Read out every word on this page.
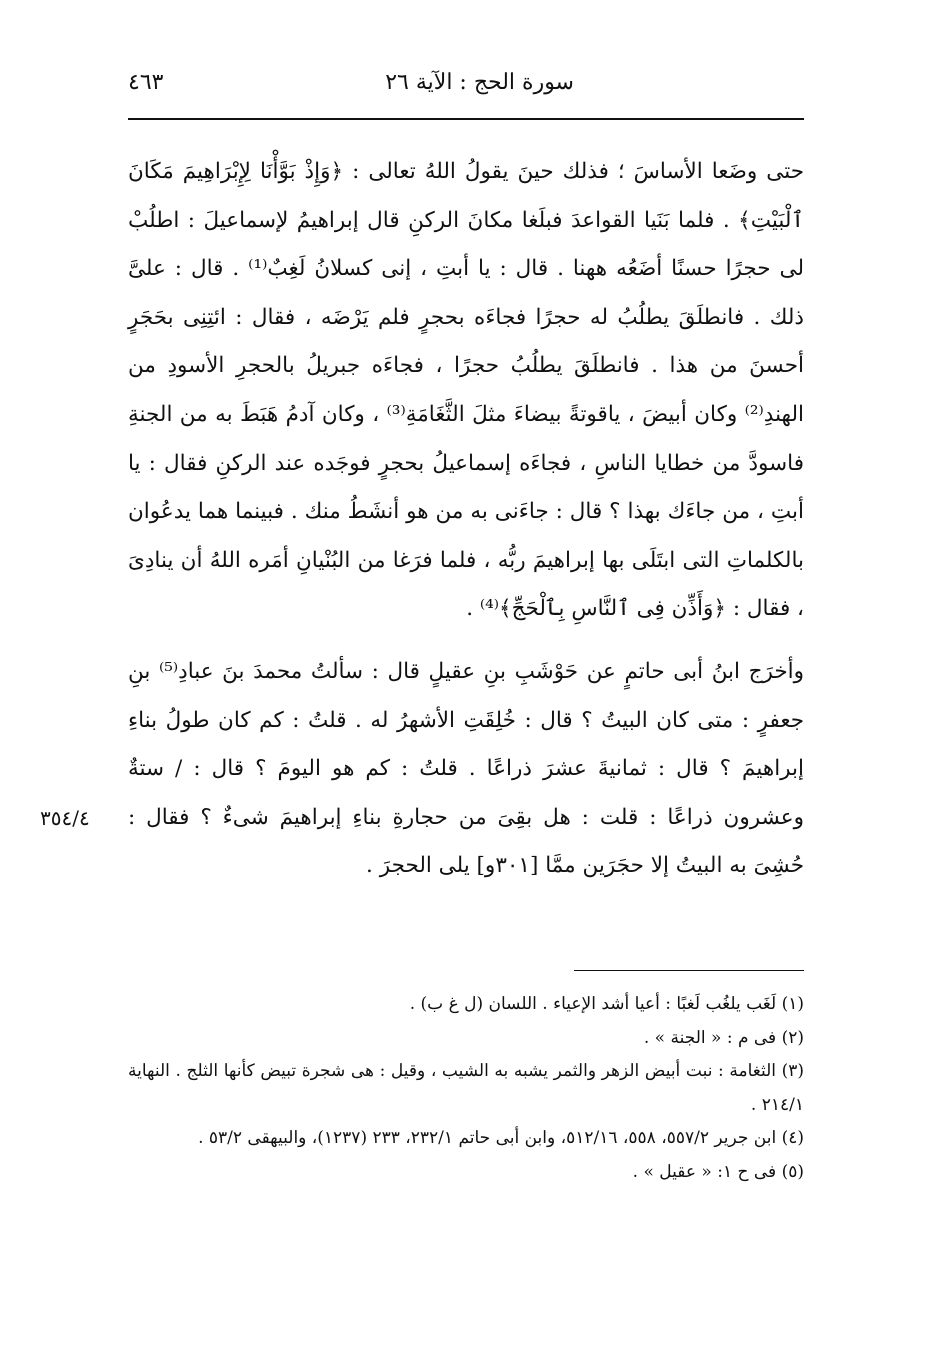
سورة الحج : الآية ٢٦
٤٦٣

حتى وضَعا الأساسَ ؛ فذلك حينَ يقولُ اللهُ تعالى : ﴿وَإِذْ بَوَّأْنَا لِإِبْرَاهِيمَ مَكَانَ ٱلْبَيْتِ﴾ . فلما بَنَيا القواعدَ فبلَغا مكانَ الركنِ قال إبراهيمُ لإسماعيلَ : اطلُبْ لى حجرًا حسنًا أضَعُه ههنا . قال : يا أبتِ ، إنى كسلانُ لَغِبٌ⁽¹⁾ . قال : علىَّ ذلك . فانطلَقَ يطلُبُ له حجرًا فجاءَه بحجرٍ فلم يَرْضَه ، فقال : ائتِنِى بحَجَرٍ أحسنَ من هذا . فانطلَقَ يطلُبُ حجرًا ، فجاءَه جبريلُ بالحجرِ الأسودِ من الهندِ⁽²⁾ وكان أبيضَ ، ياقوتةً بيضاءَ مثلَ الثَّغَامَةِ⁽³⁾ ، وكان آدمُ هَبَطَ به من الجنةِ فاسودَّ من خطايا الناسِ ، فجاءَه إسماعيلُ بحجرٍ فوجَده عند الركنِ فقال : يا أبتِ ، من جاءَك بهذا ؟ قال : جاءَنى به من هو أنشَطُ منك . فبينما هما يدعُوان بالكلماتِ التى ابتَلَى بها إبراهيمَ ربُّه ، فلما فرَغا من البُنْيانِ أمَره اللهُ أن ينادِىَ ، فقال : ﴿وَأَذِّن فِى ٱلنَّاسِ بِٱلْحَجِّ﴾⁽⁴⁾ .

وأخرَج ابنُ أبى حاتمٍ عن حَوْشَبِ بنِ عقيلٍ قال : سألتُ محمدَ بنَ عبادِ⁽⁵⁾ بنِ جعفرٍ : متى كان البيتُ ؟ قال : خُلِقَتِ الأشهرُ له . قلتُ : كم كان طولُ بناءِ إبراهيمَ ؟ قال : ثمانيةَ عشرَ ذراعًا . قلتُ : كم هو اليومَ ؟ قال : / ستةٌ وعشرون ذراعًا : قلت : هل بقِىَ من حجارةِ بناءِ إبراهيمَ شىءٌ ؟ فقال : حُشِىَ به البيتُ إلا حجَرَين ممَّا [٣٠١و] يلى الحجرَ .

٣٥٤/٤

(١) لَغَب يلغُب لَغبًا : أعيا أشد الإعياء . اللسان (ل غ ب) .

(٢) فى م : « الجنة » .

(٣) الثغامة : نبت أبيض الزهر والثمر يشبه به الشيب ، وقيل : هى شجرة تبيض كأنها الثلج . النهاية ٢١٤/١ .

(٤) ابن جرير ٥٥٧/٢، ٥٥٨، ٥١٢/١٦، وابن أبى حاتم ٢٣٢/١، ٢٣٣ (١٢٣٧)، والبيهقى ٥٣/٢ .

(٥) فى ح ١: « عقيل » .
